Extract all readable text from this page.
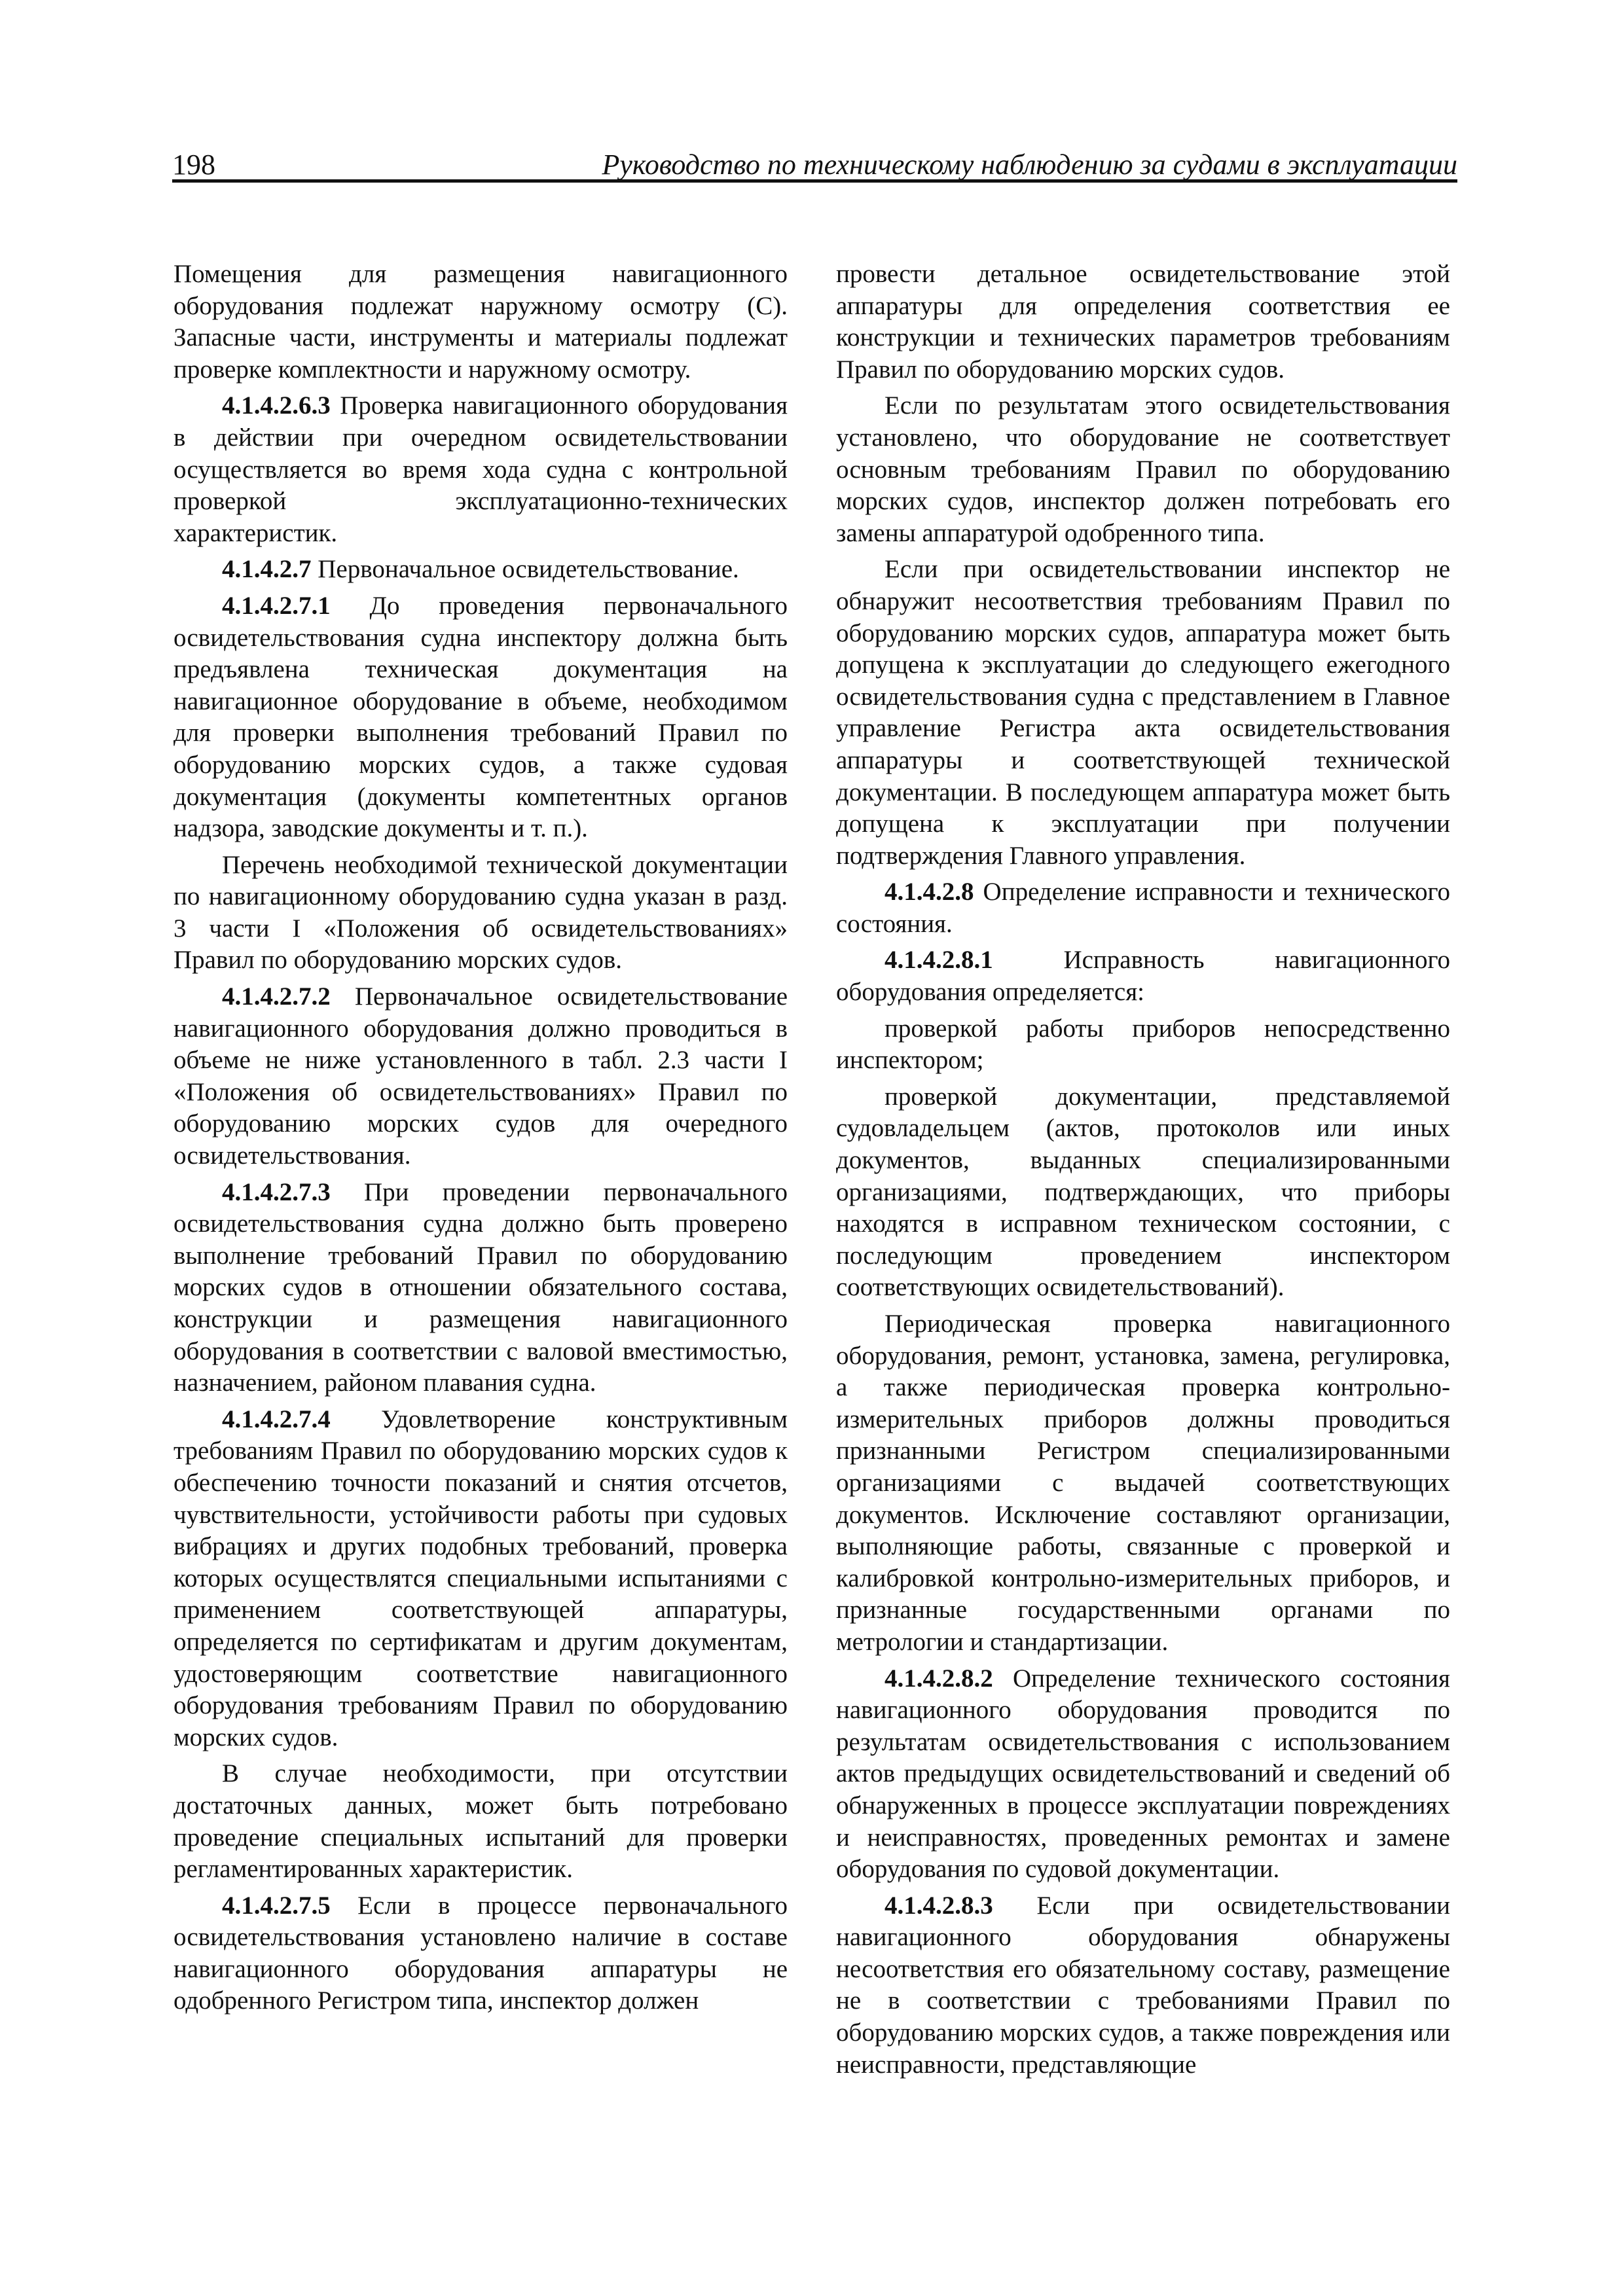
198	Руководство по техническому наблюдению за судами в эксплуатации

Помещения для размещения навигационного оборудования подлежат наружному осмотру (С). Запасные части, инструменты и материалы подлежат проверке комплектности и наружному осмотру.

4.1.4.2.6.3 Проверка навигационного оборудования в действии при очередном освидетельствовании осуществляется во время хода судна с контрольной проверкой эксплуатационно-технических характеристик.

4.1.4.2.7 Первоначальное освидетельствование.

4.1.4.2.7.1 До проведения первоначального освидетельствования судна инспектору должна быть предъявлена техническая документация на навигационное оборудование в объеме, необходимом для проверки выполнения требований Правил по оборудованию морских судов, а также судовая документация (документы компетентных органов надзора, заводские документы и т. п.).

Перечень необходимой технической документации по навигационному оборудованию судна указан в разд. 3 части I «Положения об освидетельствованиях» Правил по оборудованию морских судов.

4.1.4.2.7.2 Первоначальное освидетельствование навигационного оборудования должно проводиться в объеме не ниже установленного в табл. 2.3 части I «Положения об освидетельствованиях» Правил по оборудованию морских судов для очередного освидетельствования.

4.1.4.2.7.3 При проведении первоначального освидетельствования судна должно быть проверено выполнение требований Правил по оборудованию морских судов в отношении обязательного состава, конструкции и размещения навигационного оборудования в соответствии с валовой вместимостью, назначением, районом плавания судна.

4.1.4.2.7.4 Удовлетворение конструктивным требованиям Правил по оборудованию морских судов к обеспечению точности показаний и снятия отсчетов, чувствительности, устойчивости работы при судовых вибрациях и других подобных требований, проверка которых осуществлятся специальными испытаниями с применением соответствующей аппаратуры, определяется по сертификатам и другим документам, удостоверяющим соответствие навигационного оборудования требованиям Правил по оборудованию морских судов.

В случае необходимости, при отсутствии достаточных данных, может быть потребовано проведение специальных испытаний для проверки регламентированных характеристик.

4.1.4.2.7.5 Если в процессе первоначального освидетельствования установлено наличие в составе навигационного оборудования аппаратуры не одобренного Регистром типа, инспектор должен

провести детальное освидетельствование этой аппаратуры для определения соответствия ее конструкции и технических параметров требованиям Правил по оборудованию морских судов.

Если по результатам этого освидетельствования установлено, что оборудование не соответствует основным требованиям Правил по оборудованию морских судов, инспектор должен потребовать его замены аппаратурой одобренного типа.

Если при освидетельствовании инспектор не обнаружит несоответствия требованиям Правил по оборудованию морских судов, аппаратура может быть допущена к эксплуатации до следующего ежегодного освидетельствования судна с представлением в Главное управление Регистра акта освидетельствования аппаратуры и соответствующей технической документации. В последующем аппаратура может быть допущена к эксплуатации при получении подтверждения Главного управления.

4.1.4.2.8 Определение исправности и технического состояния.

4.1.4.2.8.1	Исправность навигационного оборудования определяется:

проверкой работы приборов непосредственно инспектором;

проверкой документации, представляемой судовладельцем (актов, протоколов или иных документов, выданных специализированными организациями, подтверждающих, что приборы находятся в исправном техническом состоянии, с последующим проведением инспектором соответствующих освидетельствований).

Периодическая проверка навигационного оборудования, ремонт, установка, замена, регулировка, а также периодическая проверка контрольно-измерительных приборов должны проводиться признанными Регистром специализированными организациями с выдачей соответствующих документов. Исключение составляют организации, выполняющие работы, связанные с проверкой и калибровкой контрольно-измерительных приборов, и признанные государственными органами по метрологии и стандартизации.

4.1.4.2.8.2 Определение технического состояния навигационного оборудования проводится по результатам освидетельствования с использованием актов предыдущих освидетельствований и сведений об обнаруженных в процессе эксплуатации повреждениях и неисправностях, проведенных ремонтах и замене оборудования по судовой документации.

4.1.4.2.8.3 Если при освидетельствовании навигационного оборудования обнаружены несоответствия его обязательному составу, размещение не в соответствии с требованиями Правил по оборудованию морских судов, а также повреждения или неисправности, представляющие
